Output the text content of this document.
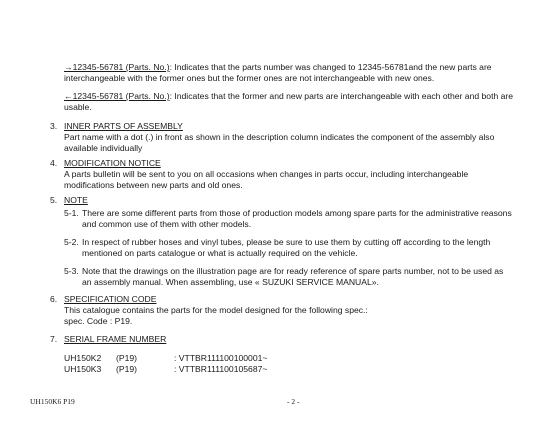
→12345-56781 (Parts. No.): Indicates that the parts number was changed to 12345-56781and the new parts are
interchangeable with the former ones but the former ones are not interchangeable with new ones.
←12345-56781 (Parts. No.): Indicates that the former and new parts are interchangeable with each other and both are
usable.
3. INNER PARTS OF ASSEMBLY
Part name with a dot (.) in front as shown in the description column indicates the component of the assembly also
available individually
4. MODIFICATION NOTICE
A parts bulletin will be sent to you on all occasions when changes in parts occur, including interchangeable
modifications between new parts and old ones.
5. NOTE
5-1. There are some different parts from those of production models among spare parts for the administrative reasons
and common use of them with other models.
5-2. In respect of rubber hoses and vinyl tubes, please be sure to use them by cutting off according to the length
mentioned on parts catalogue or what is actually required on the vehicle.
5-3. Note that the drawings on the illustration page are for ready reference of spare parts number, not to be used as
an assembly manual. When assembling, use « SUZUKI SERVICE MANUAL».
6. SPECIFICATION CODE
This catalogue contains the parts for the model designed for the following spec.:
spec. Code : P19.
7. SERIAL FRAME NUMBER
UH150K2 (P19)	: VTTBR111100100001~
UH150K3 (P19)	: VTTBR111100105687~
UH150K6 P19	- 2 -
